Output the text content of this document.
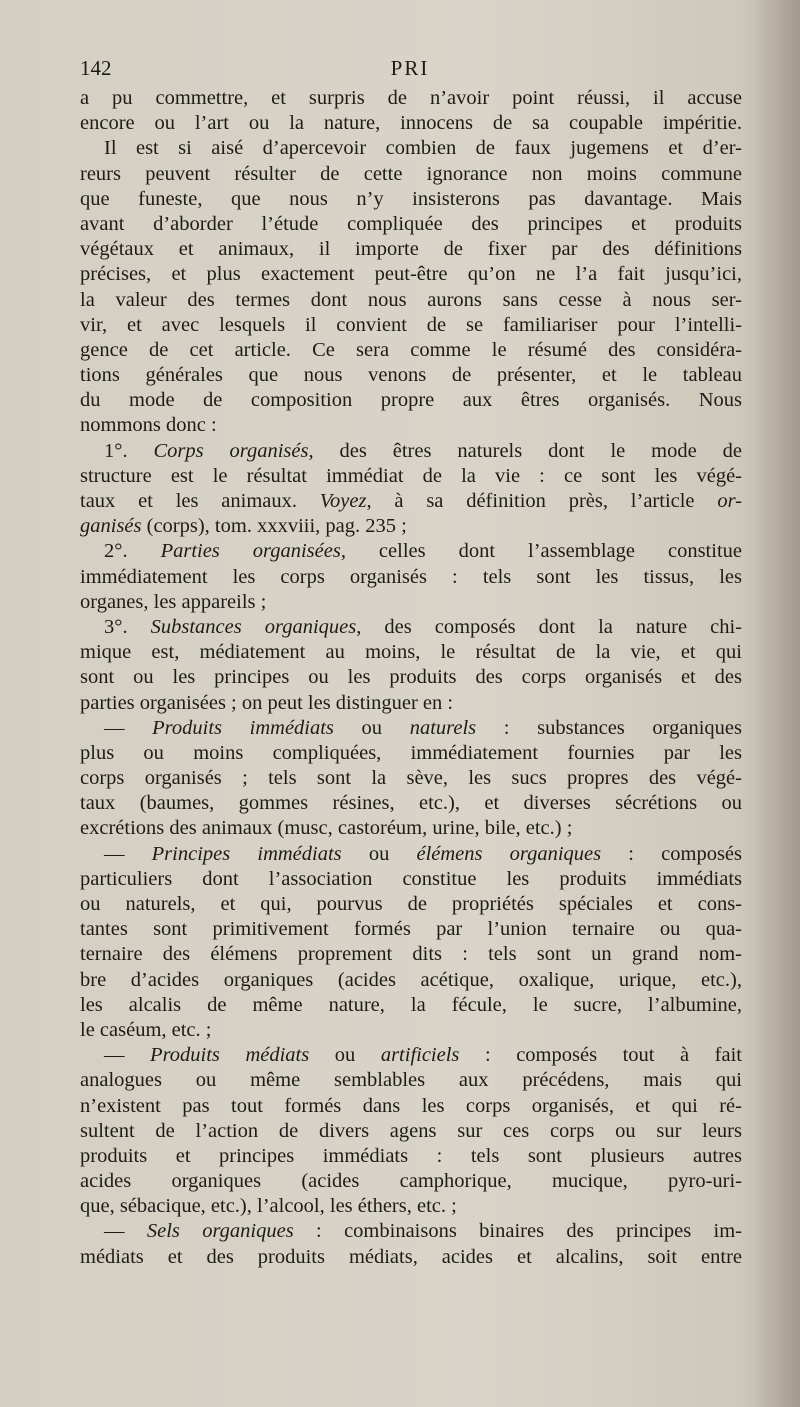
142	PRI
a pu commettre, et surpris de n’avoir point réussi, il accuse
encore ou l’art ou la nature, innocens de sa coupable impéritie.
Il est si aisé d’apercevoir combien de faux jugemens et d’er-
reurs peuvent résulter de cette ignorance non moins commune
que funeste, que nous n’y insisterons pas davantage. Mais
avant d’aborder l’étude compliquée des principes et produits
végétaux et animaux, il importe de fixer par des définitions
précises, et plus exactement peut-être qu’on ne l’a fait jusqu’ici,
la valeur des termes dont nous aurons sans cesse à nous ser-
vir, et avec lesquels il convient de se familiariser pour l’intelli-
gence de cet article. Ce sera comme le résumé des considéra-
tions générales que nous venons de présenter, et le tableau
du mode de composition propre aux êtres organisés. Nous
nommons donc :
1°. Corps organisés, des êtres naturels dont le mode de
structure est le résultat immédiat de la vie : ce sont les végé-
taux et les animaux. Voyez, à sa définition près, l’article or-
ganisés (corps), tom. xxxviii, pag. 235 ;
2°. Parties organisées, celles dont l’assemblage constitue
immédiatement les corps organisés : tels sont les tissus, les
organes, les appareils ;
3°. Substances organiques, des composés dont la nature chi-
mique est, médiatement au moins, le résultat de la vie, et qui
sont ou les principes ou les produits des corps organisés et des
parties organisées ; on peut les distinguer en :
— Produits immédiats ou naturels : substances organiques
plus ou moins compliquées, immédiatement fournies par les
corps organisés ; tels sont la sève, les sucs propres des végé-
taux (baumes, gommes résines, etc.), et diverses sécrétions ou
excrétions des animaux (musc, castoréum, urine, bile, etc.) ;
— Principes immédiats ou élémens organiques : composés
particuliers dont l’association constitue les produits immédiats
ou naturels, et qui, pourvus de propriétés spéciales et cons-
tantes sont primitivement formés par l’union ternaire ou qua-
ternaire des élémens proprement dits : tels sont un grand nom-
bre d’acides organiques (acides acétique, oxalique, urique, etc.),
les alcalis de même nature, la fécule, le sucre, l’albumine,
le caséum, etc. ;
— Produits médiats ou artificiels : composés tout à fait
analogues ou même semblables aux précédens, mais qui
n’existent pas tout formés dans les corps organisés, et qui ré-
sultent de l’action de divers agens sur ces corps ou sur leurs
produits et principes immédiats : tels sont plusieurs autres
acides organiques (acides camphorique, mucique, pyro-uri-
que, sébacique, etc.), l’alcool, les éthers, etc. ;
— Sels organiques : combinaisons binaires des principes im-
médiats et des produits médiats, acides et alcalins, soit entre
